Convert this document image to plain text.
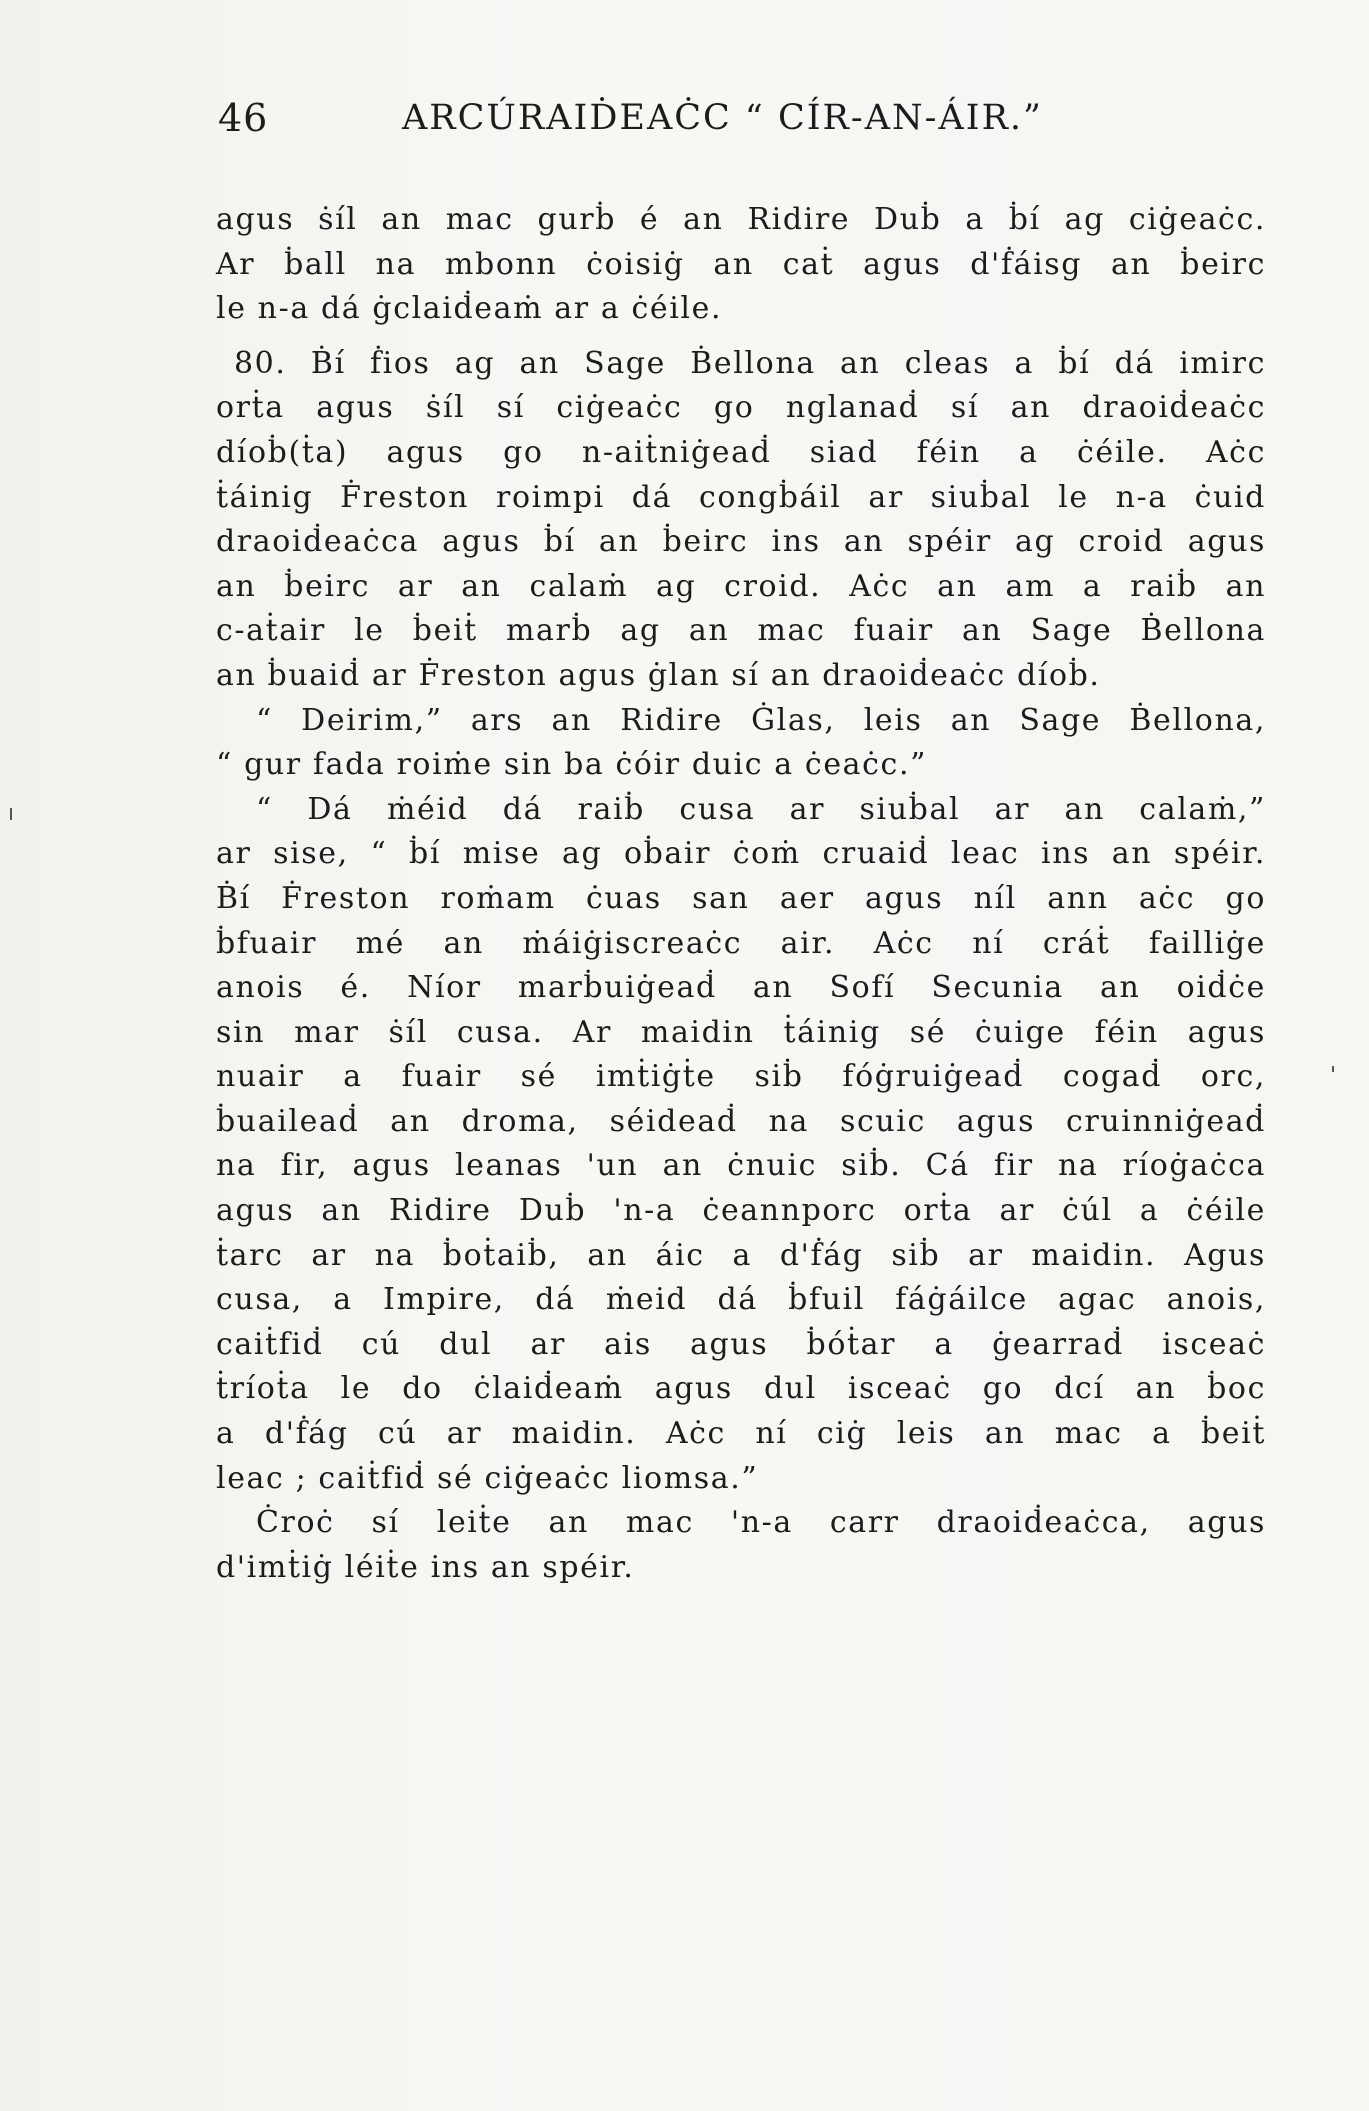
46	ARCÚRAIḊEAĊC “ CÍR-AN-ÁIR.”
agus ṡíl an mac gurḃ é an Ridire Duḃ a ḃí ag ciġeaċc.
Ar ḃall na mbonn ċoisiġ an caṫ agus d'ḟáisg an ḃeirc
le n-a dá ġclaiḋeaṁ ar a ċéile.
80. Ḃí ḟios ag an Sage Ḃellona an cleas a ḃí dá imirc
orṫa agus ṡíl sí ciġeaċc go nglanaḋ sí an draoiḋeaċc
díoḃ(ṫa) agus go n-aiṫniġeaḋ siad féin a ċéile. Aċc
ṫáinig Ḟreston roimpi dá congḃáil ar siuḃal le n-a ċuid
draoiḋeaċca agus ḃí an ḃeirc ins an spéir ag croid agus
an ḃeirc ar an calaṁ ag croid. Aċc an am a raiḃ an
c-aṫair le ḃeiṫ marḃ ag an mac fuair an Sage Ḃellona
an ḃuaiḋ ar Ḟreston agus ġlan sí an draoiḋeaċc díoḃ.
“ Deirim,” ars an Ridire Ġlas, leis an Sage Ḃellona,
“ gur fada roiṁe sin ba ċóir duic a ċeaċc.”
“ Dá ṁéid dá raiḃ cusa ar siuḃal ar an calaṁ,”
ar sise, “ ḃí mise ag oḃair ċoṁ cruaiḋ leac ins an spéir.
Ḃí Ḟreston roṁam ċuas san aer agus níl ann aċc go
ḃfuair mé an ṁáiġiscreaċc air. Aċc ní cráṫ failliġe
anois é. Níor marḃuiġeaḋ an Sofí Secunia an oiḋċe
sin mar ṡíl cusa. Ar maidin ṫáinig sé ċuige féin agus
nuair a fuair sé imṫiġṫe siḃ fóġruiġeaḋ cogaḋ orc,
ḃuaileaḋ an droma, séideaḋ na scuic agus cruinniġeaḋ
na fir, agus leanas 'un an ċnuic siḃ. Cá fir na ríoġaċca
agus an Ridire Duḃ 'n-a ċeannporc orṫa ar ċúl a ċéile
ṫarc ar na ḃoṫaiḃ, an áic a d'ḟág siḃ ar maidin. Agus
cusa, a Impire, dá ṁeid dá ḃfuil fáġáilce agac anois,
caiṫfiḋ cú dul ar ais agus ḃóṫar a ġearraḋ isceaċ
ṫríoṫa le do ċlaiḋeaṁ agus dul isceaċ go dcí an ḃoc
a d'ḟág cú ar maidin. Aċc ní ciġ leis an mac a ḃeiṫ
leac ; caiṫfiḋ sé ciġeaċc liomsa.”
Ċroċ sí leiṫe an mac 'n-a carr draoiḋeaċca, agus
d'imṫiġ léiṫe ins an spéir.
